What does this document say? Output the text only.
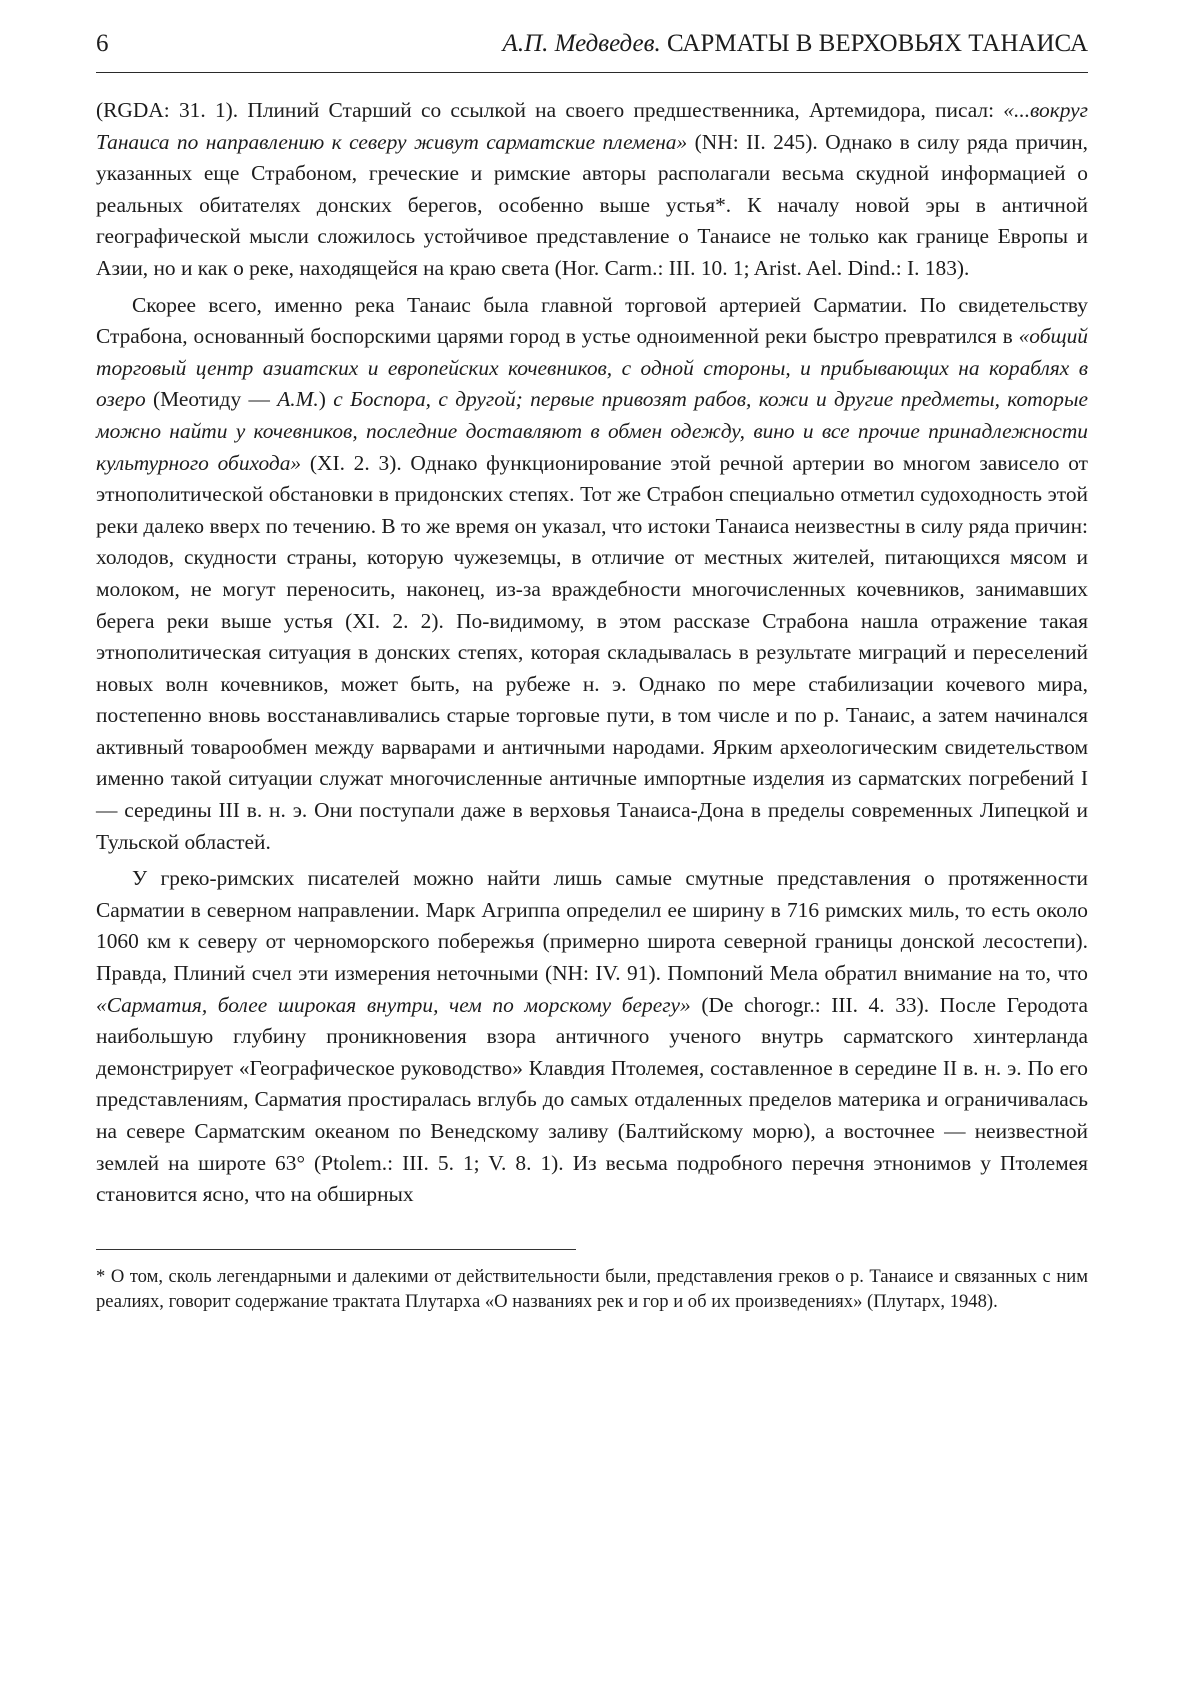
6	А.П. Медведев. САРМАТЫ В ВЕРХОВЬЯХ ТАНАИСА

(RGDA: 31. 1). Плиний Старший со ссылкой на своего предшественника, Артемидора, писал: «...вокруг Танаиса по направлению к северу живут сарматские племена» (NH: II. 245). Однако в силу ряда причин, указанных еще Страбоном, греческие и римские авторы располагали весьма скудной информацией о реальных обитателях донских берегов, особенно выше устья*. К началу новой эры в античной географической мысли сложилось устойчивое представление о Танаисе не только как границе Европы и Азии, но и как о реке, находящейся на краю света (Hor. Carm.: III. 10. 1; Arist. Ael. Dind.: I. 183).

Скорее всего, именно река Танаис была главной торговой артерией Сарматии. По свидетельству Страбона, основанный боспорскими царями город в устье одноименной реки быстро превратился в «общий торговый центр азиатских и европейских кочевников, с одной стороны, и прибывающих на кораблях в озеро (Меотиду — А.М.) с Боспора, с другой; первые привозят рабов, кожи и другие предметы, которые можно найти у кочевников, последние доставляют в обмен одежду, вино и все прочие принадлежности культурного обихода» (XI. 2. 3). Однако функционирование этой речной артерии во многом зависело от этнополитической обстановки в придонских степях. Тот же Страбон специально отметил судоходность этой реки далеко вверх по течению. В то же время он указал, что истоки Танаиса неизвестны в силу ряда причин: холодов, скудности страны, которую чужеземцы, в отличие от местных жителей, питающихся мясом и молоком, не могут переносить, наконец, из-за враждебности многочисленных кочевников, занимавших берега реки выше устья (XI. 2. 2). По-видимому, в этом рассказе Страбона нашла отражение такая этнополитическая ситуация в донских степях, которая складывалась в результате миграций и переселений новых волн кочевников, может быть, на рубеже н. э. Однако по мере стабилизации кочевого мира, постепенно вновь восстанавливались старые торговые пути, в том числе и по р. Танаис, а затем начинался активный товарообмен между варварами и античными народами. Ярким археологическим свидетельством именно такой ситуации служат многочисленные античные импортные изделия из сарматских погребений I — середины III в. н. э. Они поступали даже в верховья Танаиса-Дона в пределы современных Липецкой и Тульской областей.

У греко-римских писателей можно найти лишь самые смутные представления о протяженности Сарматии в северном направлении. Марк Агриппа определил ее ширину в 716 римских миль, то есть около 1060 км к северу от черноморского побережья (примерно широта северной границы донской лесостепи). Правда, Плиний счел эти измерения неточными (NH: IV. 91). Помпоний Мела обратил внимание на то, что «Сарматия, более широкая внутри, чем по морскому берегу» (De chorogr.: III. 4. 33). После Геродота наибольшую глубину проникновения взора античного ученого внутрь сарматского хинтерланда демонстрирует «Географическое руководство» Клавдия Птолемея, составленное в середине II в. н. э. По его представлениям, Сарматия простиралась вглубь до самых отдаленных пределов материка и ограничивалась на севере Сарматским океаном по Венедскому заливу (Балтийскому морю), а восточнее — неизвестной землей на широте 63° (Ptolem.: III. 5. 1; V. 8. 1). Из весьма подробного перечня этнонимов у Птолемея становится ясно, что на обширных

* О том, сколь легендарными и далекими от действительности были, представления греков о р. Танаисе и связанных с ним реалиях, говорит содержание трактата Плутарха «О названиях рек и гор и об их произведениях» (Плутарх, 1948).
